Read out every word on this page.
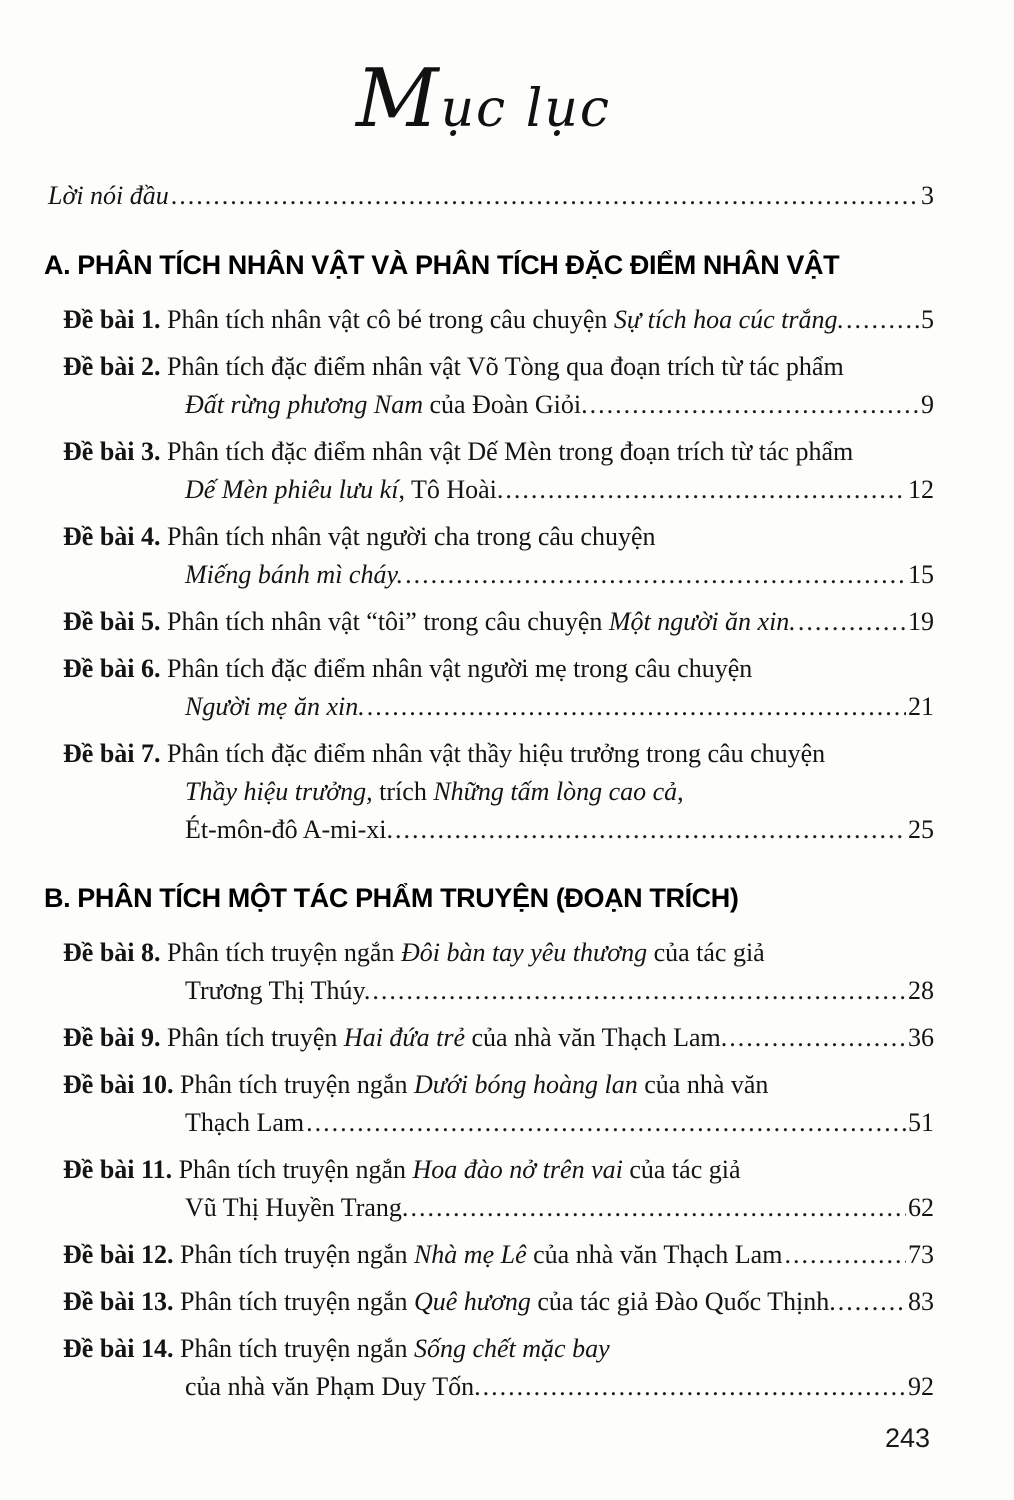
Mục lục
Lời nói đầu .....	3
A. PHÂN TÍCH NHÂN VẬT VÀ PHÂN TÍCH ĐẶC ĐIỂM NHÂN VẬT
Đề bài 1. Phân tích nhân vật cô bé trong câu chuyện Sự tích hoa cúc trắng. .....	5
Đề bài 2. Phân tích đặc điểm nhân vật Võ Tòng qua đoạn trích từ tác phẩm
Đất rừng phương Nam của Đoàn Giỏi. .....	9
Đề bài 3. Phân tích đặc điểm nhân vật Dế Mèn trong đoạn trích từ tác phẩm
Dế Mèn phiêu lưu kí, Tô Hoài. .....	12
Đề bài 4. Phân tích nhân vật người cha trong câu chuyện
Miếng bánh mì cháy. .....	15
Đề bài 5. Phân tích nhân vật “tôi” trong câu chuyện Một người ăn xin. .....	19
Đề bài 6. Phân tích đặc điểm nhân vật người mẹ trong câu chuyện
Người mẹ ăn xin. .....	21
Đề bài 7. Phân tích đặc điểm nhân vật thầy hiệu trưởng trong câu chuyện
Thầy hiệu trưởng, trích Những tấm lòng cao cả,
Ét-môn-đô A-mi-xi. .....	25
B. PHÂN TÍCH MỘT TÁC PHẨM TRUYỆN (ĐOẠN TRÍCH)
Đề bài 8. Phân tích truyện ngắn Đôi bàn tay yêu thương của tác giả
Trương Thị Thúy. .....	28
Đề bài 9. Phân tích truyện Hai đứa trẻ của nhà văn Thạch Lam. .....	36
Đề bài 10. Phân tích truyện ngắn Dưới bóng hoàng lan của nhà văn
Thạch Lam .....	51
Đề bài 11. Phân tích truyện ngắn Hoa đào nở trên vai của tác giả
Vũ Thị Huyền Trang. .....	62
Đề bài 12. Phân tích truyện ngắn Nhà mẹ Lê của nhà văn Thạch Lam .....	73
Đề bài 13. Phân tích truyện ngắn Quê hương của tác giả Đào Quốc Thịnh. .....	83
Đề bài 14. Phân tích truyện ngắn Sống chết mặc bay
của nhà văn Phạm Duy Tốn. .....	92
243
